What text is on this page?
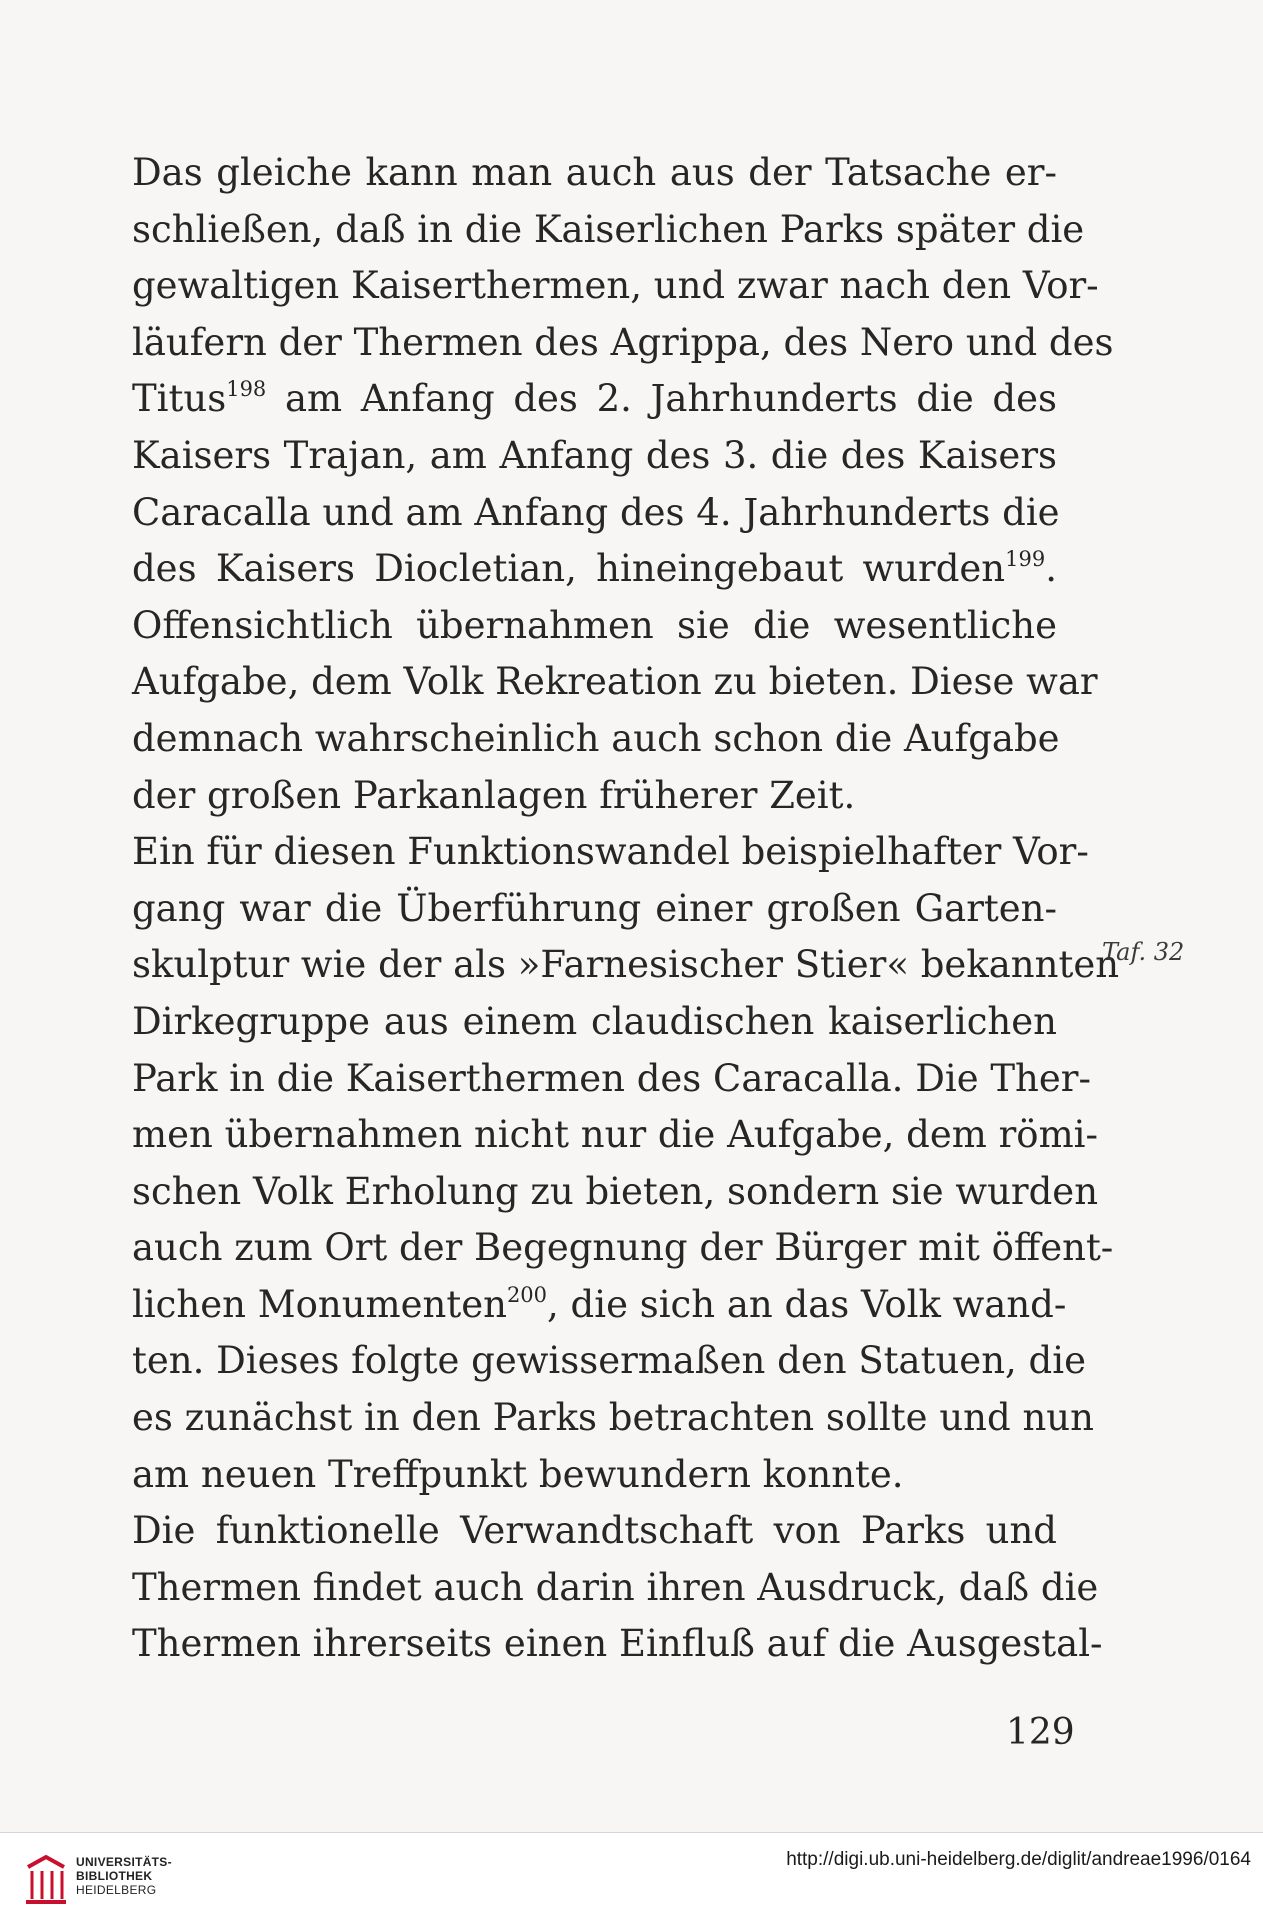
Das gleiche kann man auch aus der Tatsache er-
schließen, daß in die Kaiserlichen Parks später die
gewaltigen Kaiserthermen, und zwar nach den Vor-
läufern der Thermen des Agrippa, des Nero und des
Titus$^{198}$ am Anfang des 2. Jahrhunderts die des
Kaisers Trajan, am Anfang des 3. die des Kaisers
Caracalla und am Anfang des 4. Jahrhunderts die
des Kaisers Diocletian, hineingebaut wurden$^{199}$.
Offensichtlich übernahmen sie die wesentliche
Aufgabe, dem Volk Rekreation zu bieten. Diese war
demnach wahrscheinlich auch schon die Aufgabe
der großen Parkanlagen früherer Zeit.
Ein für diesen Funktionswandel beispielhafter Vor-
gang war die Überführung einer großen Garten-
skulptur wie der als »Farnesischer Stier« bekannten
Dirkegruppe aus einem claudischen kaiserlichen
Park in die Kaiserthermen des Caracalla. Die Ther-
men übernahmen nicht nur die Aufgabe, dem römi-
schen Volk Erholung zu bieten, sondern sie wurden
auch zum Ort der Begegnung der Bürger mit öffent-
lichen Monumenten$^{200}$, die sich an das Volk wand-
ten. Dieses folgte gewissermaßen den Statuen, die
es zunächst in den Parks betrachten sollte und nun
am neuen Treffpunkt bewundern konnte.
Die funktionelle Verwandtschaft von Parks und
Thermen findet auch darin ihren Ausdruck, daß die
Thermen ihrerseits einen Einfluß auf die Ausgestal-
Taf. 32
129
UNIVERSITÄTS-
BIBLIOTHEK
HEIDELBERG
http://digi.ub.uni-heidelberg.de/diglit/andreae1996/0164
